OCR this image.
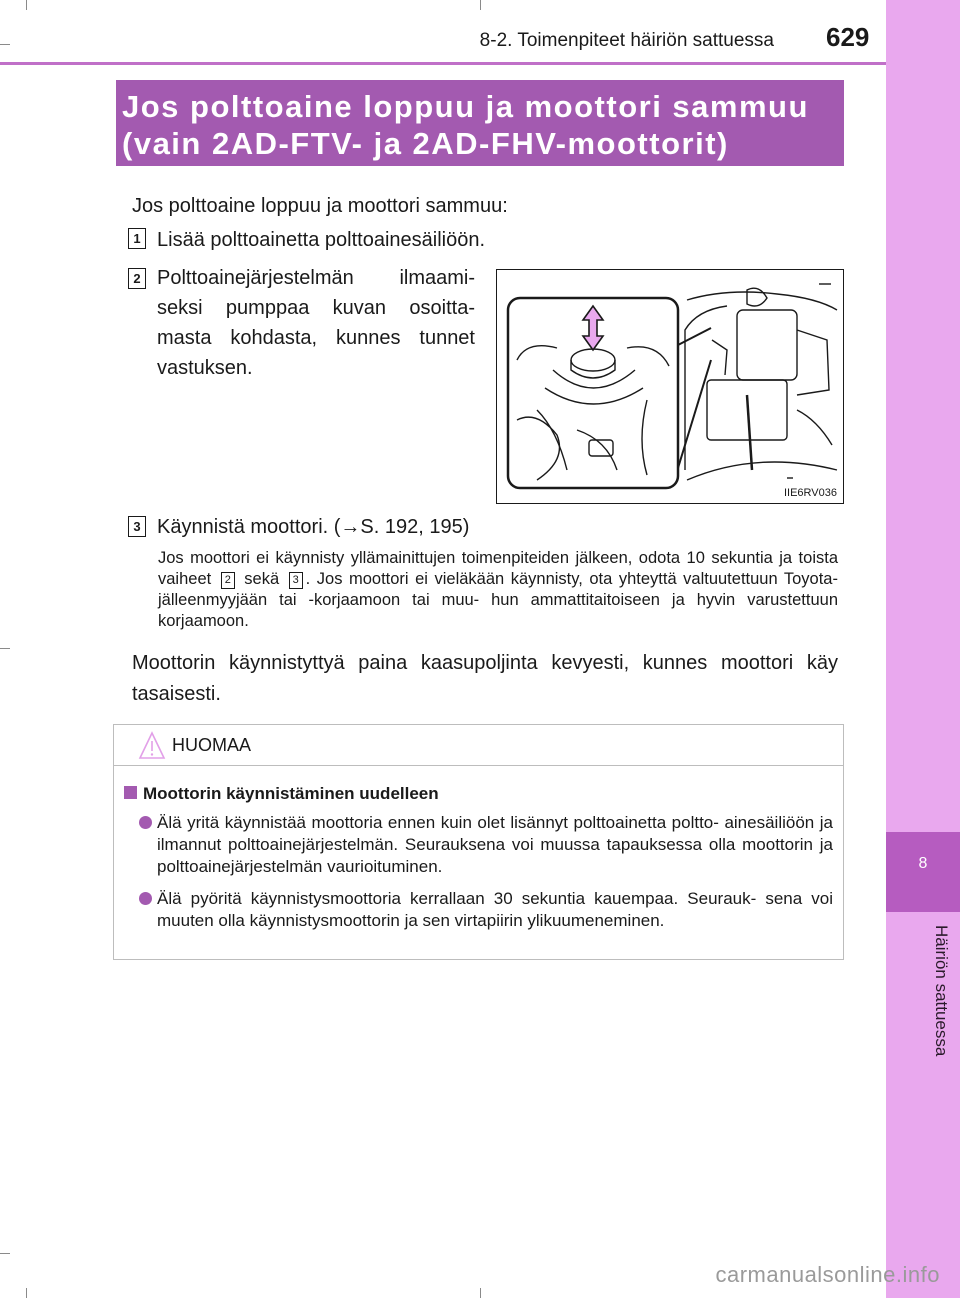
8
Häiriön sattuessa
8-2. Toimenpiteet häiriön sattuessa 629
Jos polttoaine loppuu ja moottori sammuu
(vain 2AD-FTV- ja 2AD-FHV-moottorit)
Jos polttoaine loppuu ja moottori sammuu:
1 Lisää polttoainetta polttoainesäiliöön.
2 Polttoainejärjestelmän ilmaami- seksi pumppaa kuvan osoitta- masta kohdasta, kunnes tunnet vastuksen.
IIE6RV036
3 Käynnistä moottori. (→S. 192, 195)
Jos moottori ei käynnisty yllämainittujen toimenpiteiden jälkeen, odota 10 sekuntia ja toista vaiheet 2 sekä 3 . Jos moottori ei vieläkään käynnisty, ota yhteyttä valtuutettuun Toyota-jälleenmyyjään tai -korjaamoon tai muu- hun ammattitaitoiseen ja hyvin varustettuun korjaamoon.
Moottorin käynnistyttyä paina kaasupoljinta kevyesti, kunnes moottori käy tasaisesti.
HUOMAA
Moottorin käynnistäminen uudelleen
Älä yritä käynnistää moottoria ennen kuin olet lisännyt polttoainetta poltto- ainesäiliöön ja ilmannut polttoainejärjestelmän. Seurauksena voi muussa tapauksessa olla moottorin ja polttoainejärjestelmän vaurioituminen.
Älä pyöritä käynnistysmoottoria kerrallaan 30 sekuntia kauempaa. Seurauk- sena voi muuten olla käynnistysmoottorin ja sen virtapiirin ylikuumeneminen.
carmanualsonline.info
